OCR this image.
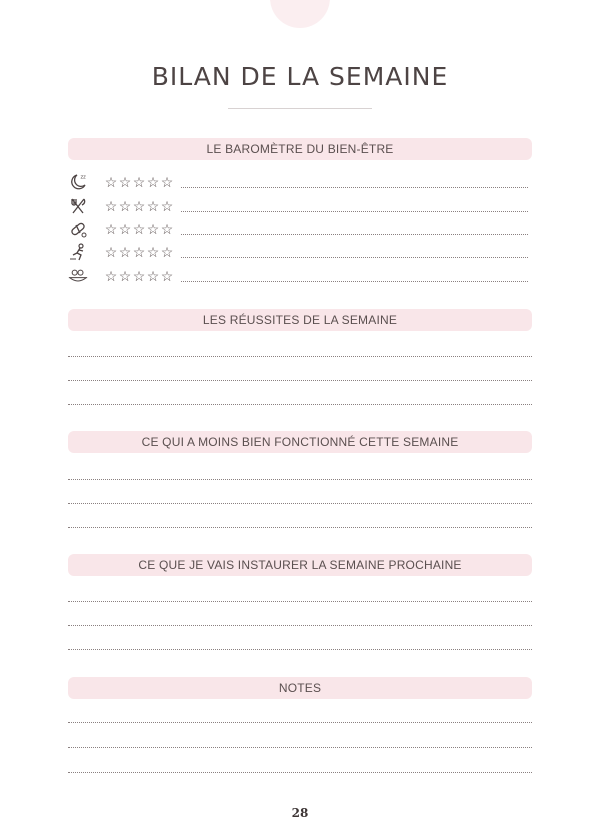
BILAN DE LA SEMAINE
LE BAROMÈTRE DU BIEN-ÊTRE
zz ☆☆☆☆☆
☆☆☆☆☆
☆☆☆☆☆
☆☆☆☆☆
☆☆☆☆☆
LES RÉUSSITES DE LA SEMAINE
CE QUI A MOINS BIEN FONCTIONNÉ CETTE SEMAINE
CE QUE JE VAIS INSTAURER LA SEMAINE PROCHAINE
NOTES
28
